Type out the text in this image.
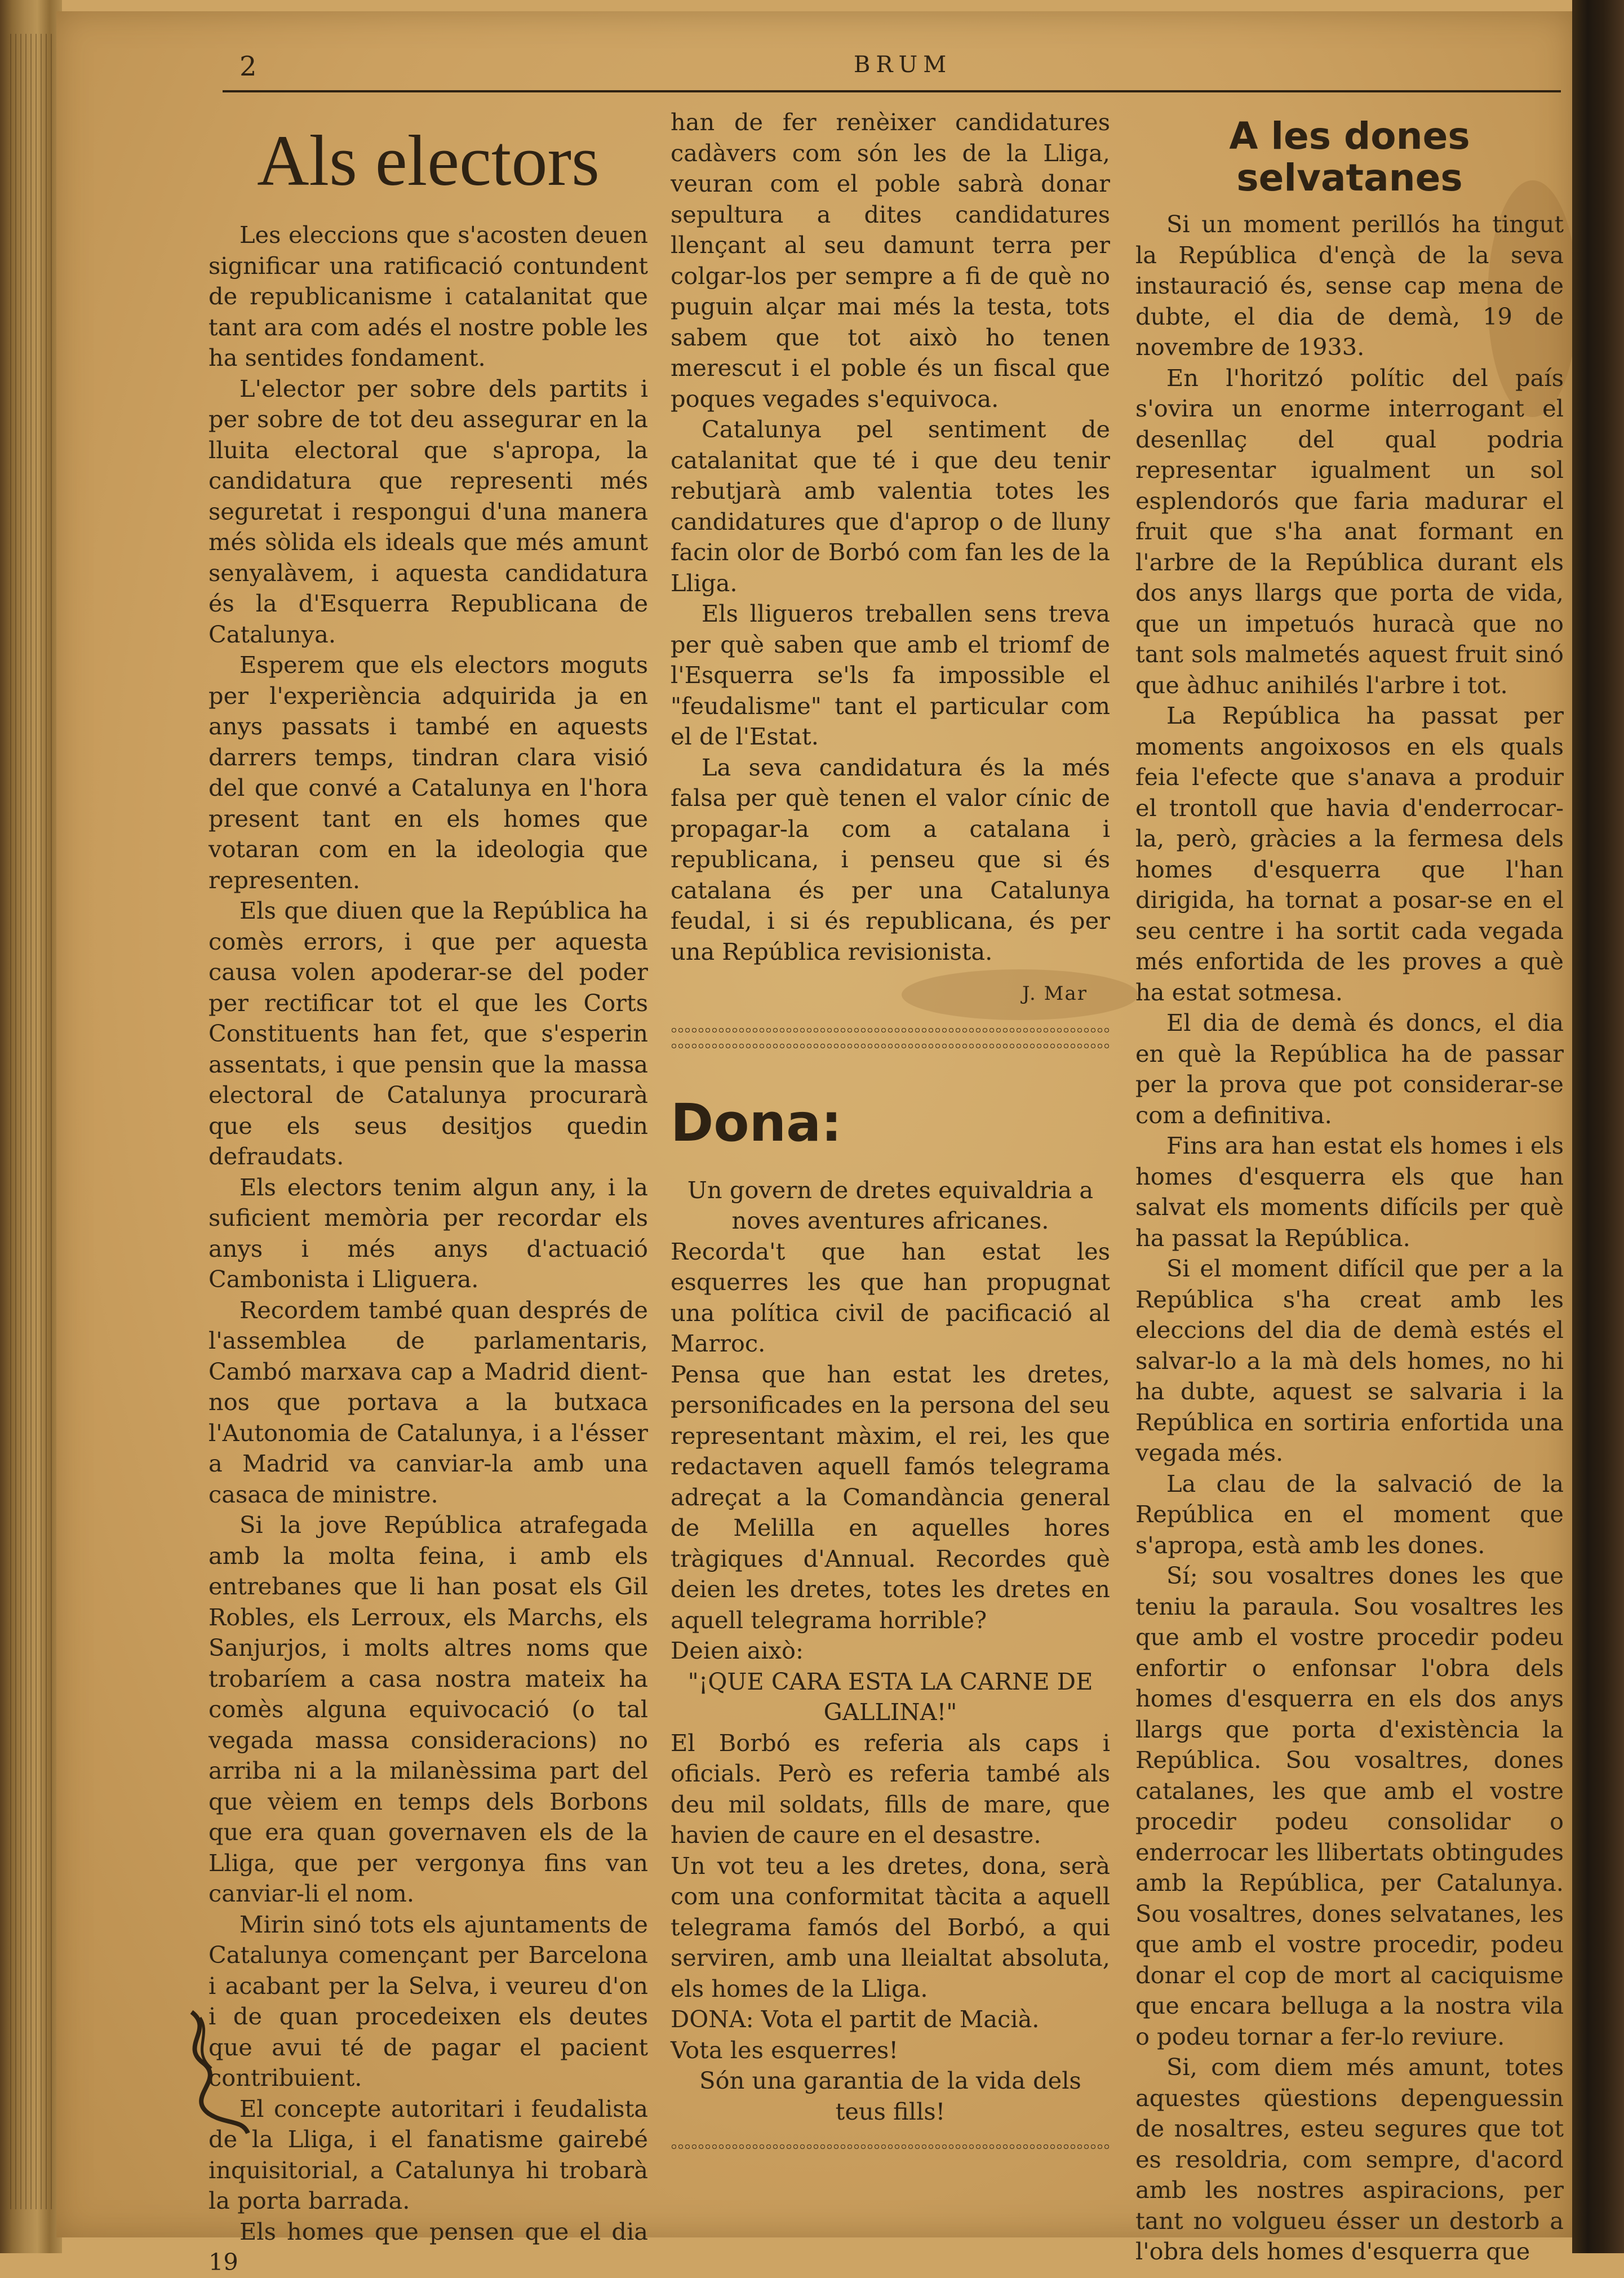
2	BRUM
Als electors

Les eleccions que s'acosten deuen significar una ratificació contundent de republicanisme i catalanitat que tant ara com adés el nostre poble les ha sentides fondament.

L'elector per sobre dels partits i per sobre de tot deu assegurar en la lluita electoral que s'apropa, la candidatura que representi més seguretat i respongui d'una manera més sòlida els ideals que més amunt senyalàvem, i aquesta candidatura és la d'Esquerra Republicana de Catalunya.

Esperem que els electors moguts per l'experiència adquirida ja en anys passats i també en aquests darrers temps, tindran clara visió del que convé a Catalunya en l'hora present tant en els homes que votaran com en la ideologia que representen.

Els que diuen que la República ha comès errors, i que per aquesta causa volen apoderar-se del poder per rectificar tot el que les Corts Constituents han fet, que s'esperin assentats, i que pensin que la massa electoral de Catalunya procurarà que els seus desitjos quedin defraudats.

Els electors tenim algun any, i la suficient memòria per recordar els anys i més anys d'actuació Cambonista i Lliguera.

Recordem també quan després de l'assemblea de parlamentaris, Cambó marxava cap a Madrid dient-nos que portava a la butxaca l'Autonomia de Catalunya, i a l'ésser a Madrid va canviar-la amb una casaca de ministre.

Si la jove República atrafegada amb la molta feina, i amb els entrebanes que li han posat els Gil Robles, els Lerroux, els Marchs, els Sanjurjos, i molts altres noms que trobaríem a casa nostra mateix ha comès alguna equivocació (o tal vegada massa consideracions) no arriba ni a la milanèssima part del que vèiem en temps dels Borbons que era quan governaven els de la Lliga, que per vergonya fins van canviar-li el nom.

Mirin sinó tots els ajuntaments de Catalunya començant per Barcelona i acabant per la Selva, i veureu d'on i de quan procedeixen els deutes que avui té de pagar el pacient contribuient.

El concepte autoritari i feudalista de la Lliga, i el fanatisme gairebé inquisitorial, a Catalunya hi trobarà la porta barrada.

Els homes que pensen que el dia 19

han de fer renèixer candidatures cadàvers com són les de la Lliga, veuran com el poble sabrà donar sepultura a dites candidatures llençant al seu damunt terra per colgar-los per sempre a fi de què no puguin alçar mai més la testa, tots sabem que tot això ho tenen merescut i el poble és un fiscal que poques vegades s'equivoca.

Catalunya pel sentiment de catalanitat que té i que deu tenir rebutjarà amb valentia totes les candidatures que d'aprop o de lluny facin olor de Borbó com fan les de la Lliga.

Els lligueros treballen sens treva per què saben que amb el triomf de l'Esquerra se'ls fa impossible el "feudalisme" tant el particular com el de l'Estat.

La seva candidatura és la més falsa per què tenen el valor cínic de propagar-la com a catalana i republicana, i penseu que si és catalana és per una Catalunya feudal, i si és republicana, és per una República revisionista.

J. Mar
Dona:

Un govern de dretes equivaldria a noves aventures africanes.

Recorda't que han estat les esquerres les que han propugnat una política civil de pacificació al Marroc.

Pensa que han estat les dretes, personificades en la persona del seu representant màxim, el rei, les que redactaven aquell famós telegrama adreçat a la Comandància general de Melilla en aquelles hores tràgiques d'Annual. Recordes què deien les dretes, totes les dretes en aquell telegrama horrible?

Deien això:

"¡QUE CARA ESTA LA CARNE DE GALLINA!"

El Borbó es referia als caps i oficials. Però es referia també als deu mil soldats, fills de mare, que havien de caure en el desastre.

Un vot teu a les dretes, dona, serà com una conformitat tàcita a aquell telegrama famós del Borbó, a qui serviren, amb una lleialtat absoluta, els homes de la Lliga.

DONA: Vota el partit de Macià.

Vota les esquerres!

Són una garantia de la vida dels teus fills!

A les dones selvatanes

Si un moment perillós ha tingut la República d'ençà de la seva instauració és, sense cap mena de dubte, el dia de demà, 19 de novembre de 1933.

En l'horitzó polític del país s'ovira un enorme interrogant el desenllaç del qual podria representar igualment un sol esplendorós que faria madurar el fruit que s'ha anat formant en l'arbre de la República durant els dos anys llargs que porta de vida, que un impetuós huracà que no tant sols malmetés aquest fruit sinó que àdhuc anihilés l'arbre i tot.

La República ha passat per moments angoixosos en els quals feia l'efecte que s'anava a produir el trontoll que havia d'enderrocar-la, però, gràcies a la fermesa dels homes d'esquerra que l'han dirigida, ha tornat a posar-se en el seu centre i ha sortit cada vegada més enfortida de les proves a què ha estat sotmesa.

El dia de demà és doncs, el dia en què la República ha de passar per la prova que pot considerar-se com a definitiva.

Fins ara han estat els homes i els homes d'esquerra els que han salvat els moments difícils per què ha passat la República.

Si el moment difícil que per a la República s'ha creat amb les eleccions del dia de demà estés el salvar-lo a la mà dels homes, no hi ha dubte, aquest se salvaria i la República en sortiria enfortida una vegada més.

La clau de la salvació de la República en el moment que s'apropa, està amb les dones.

Sí; sou vosaltres dones les que teniu la paraula. Sou vosaltres les que amb el vostre procedir podeu enfortir o enfonsar l'obra dels homes d'esquerra en els dos anys llargs que porta d'existència la República. Sou vosaltres, dones catalanes, les que amb el vostre procedir podeu consolidar o enderrocar les llibertats obtingudes amb la República, per Catalunya. Sou vosaltres, dones selvatanes, les que amb el vostre procedir, podeu donar el cop de mort al caciquisme que encara belluga a la nostra vila o podeu tornar a fer-lo reviure.

Si, com diem més amunt, totes aquestes qüestions depenguessin de nosaltres, esteu segures que tot es resoldria, com sempre, d'acord amb les nostres aspiracions, per tant no volgueu ésser un destorb a l'obra dels homes d'esquerra que
